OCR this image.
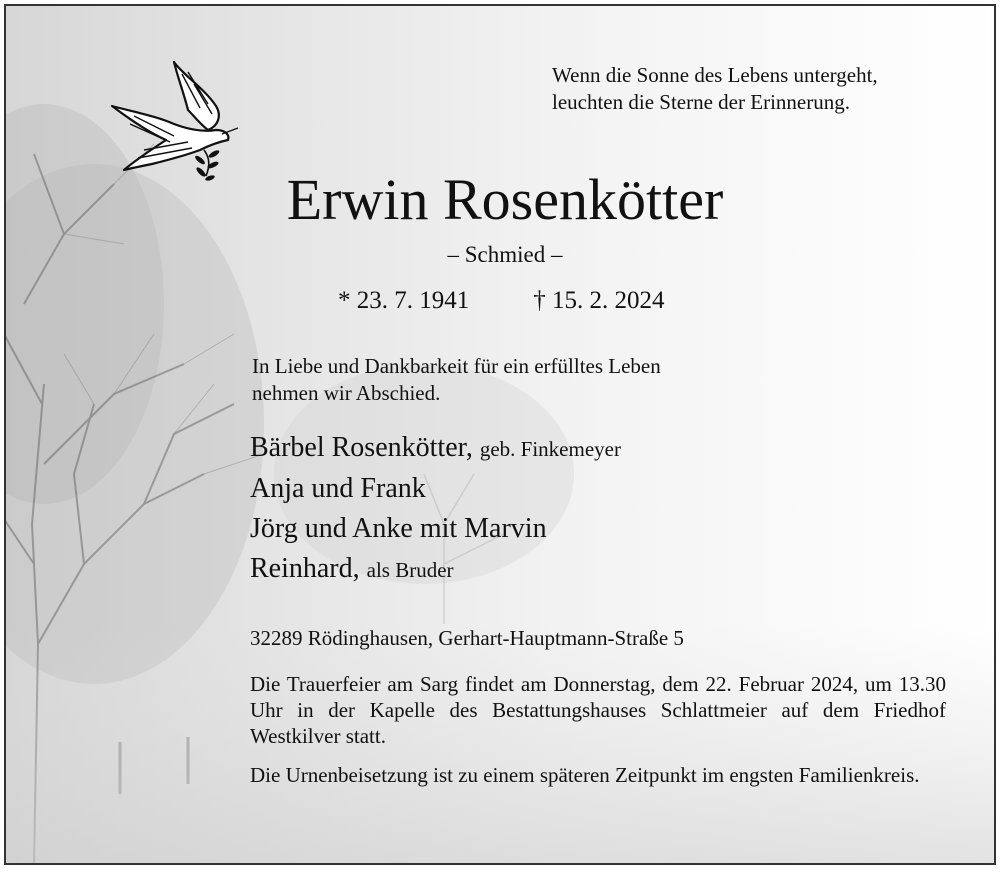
Wenn die Sonne des Lebens untergeht,
leuchten die Sterne der Erinnerung.

Erwin Rosenkötter
– Schmied –
* 23. 7. 1941	† 15. 2. 2024

In Liebe und Dankbarkeit für ein erfülltes Leben
nehmen wir Abschied.

Bärbel Rosenkötter, geb. Finkemeyer
Anja und Frank
Jörg und Anke mit Marvin
Reinhard, als Bruder

32289 Rödinghausen, Gerhart-Hauptmann-Straße 5

Die Trauerfeier am Sarg findet am Donnerstag, dem 22. Februar 2024, um 13.30 Uhr in der Kapelle des Bestattungshauses Schlattmeier auf dem Friedhof Westkilver statt.

Die Urnenbeisetzung ist zu einem späteren Zeitpunkt im engsten Familienkreis.
